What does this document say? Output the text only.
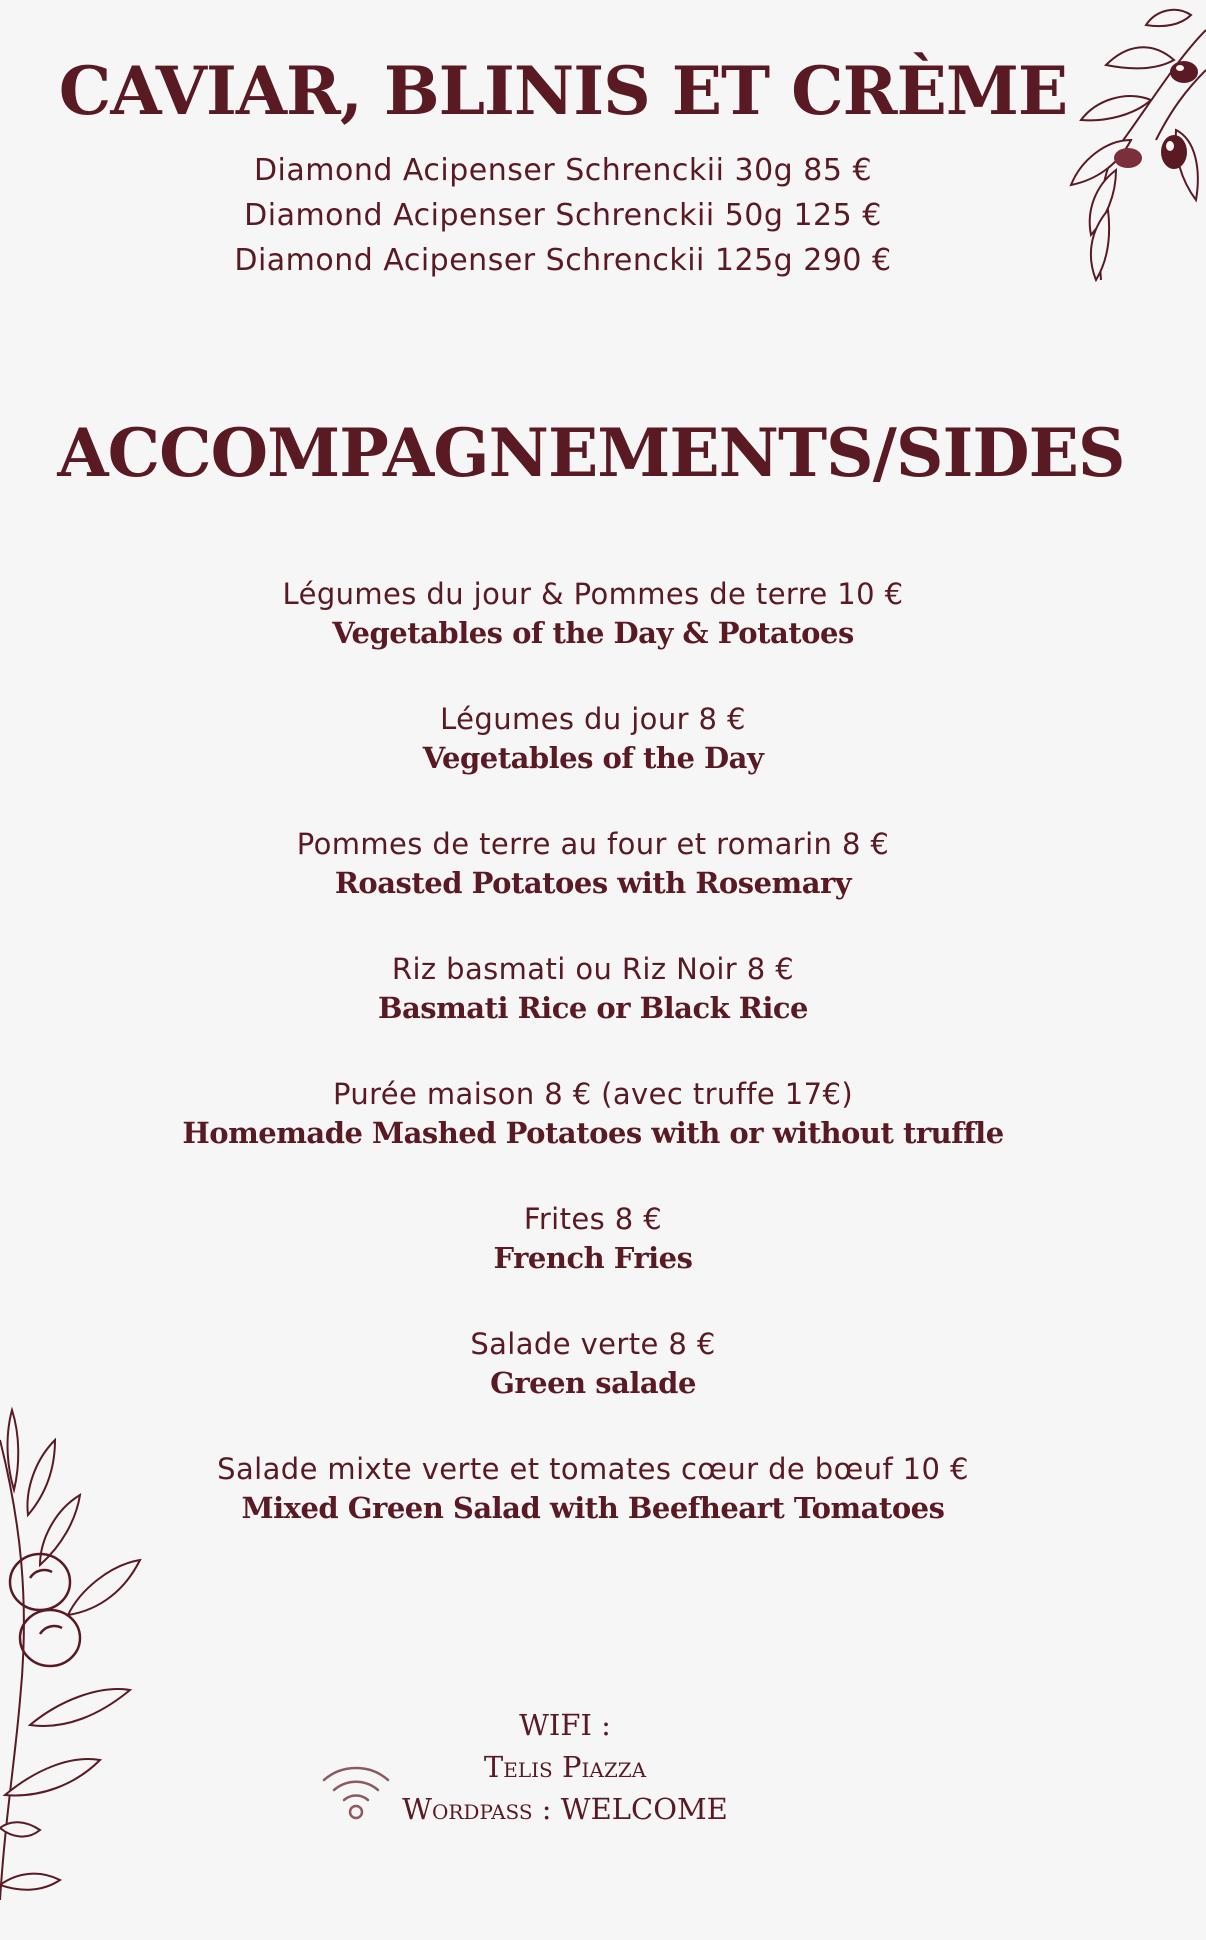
CAVIAR, BLINIS ET CRÈME
Diamond Acipenser Schrenckii 30g 85 €
Diamond Acipenser Schrenckii 50g 125 €
Diamond Acipenser Schrenckii 125g 290 €
ACCOMPAGNEMENTS/SIDES
Légumes du jour & Pommes de terre 10 €
Vegetables of the Day & Potatoes
Légumes du jour 8 €
Vegetables of the Day
Pommes de terre au four et romarin 8 €
Roasted Potatoes with Rosemary
Riz basmati ou Riz Noir 8 €
Basmati Rice or Black Rice
Purée maison 8 € (avec truffe 17€)
Homemade Mashed Potatoes with or without truffle
Frites 8 €
French Fries
Salade verte 8 €
Green salade
Salade mixte verte et tomates cœur de bœuf 10 €
Mixed Green Salad with Beefheart Tomatoes
WIFI :
Telis Piazza
Wordpass : WELCOME
